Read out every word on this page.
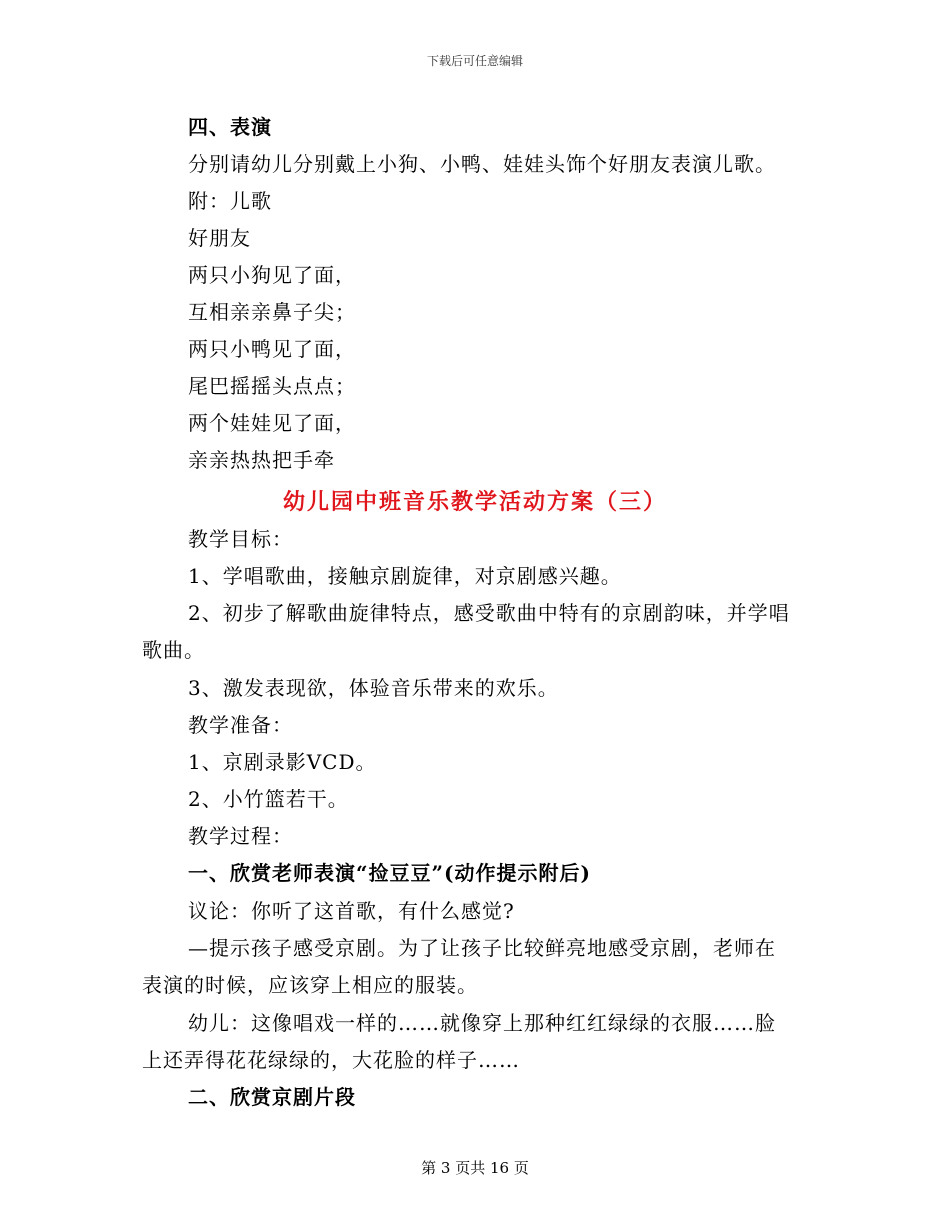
下载后可任意编辑
四、表演
分别请幼儿分别戴上小狗、小鸭、娃娃头饰个好朋友表演儿歌。
附：儿歌
好朋友
两只小狗见了面，
互相亲亲鼻子尖；
两只小鸭见了面，
尾巴摇摇头点点；
两个娃娃见了面，
亲亲热热把手牵
幼儿园中班音乐教学活动方案（三）
教学目标：
1、学唱歌曲，接触京剧旋律，对京剧感兴趣。
2、初步了解歌曲旋律特点，感受歌曲中特有的京剧韵味，并学唱
歌曲。
3、激发表现欲，体验音乐带来的欢乐。
教学准备：
1、京剧录影VCD。
2、小竹篮若干。
教学过程：
一、欣赏老师表演“捡豆豆”(动作提示附后)
议论：你听了这首歌，有什么感觉?
—提示孩子感受京剧。为了让孩子比较鲜亮地感受京剧，老师在
表演的时候，应该穿上相应的服装。
幼儿：这像唱戏一样的……就像穿上那种红红绿绿的衣服……脸
上还弄得花花绿绿的，大花脸的样子……
二、欣赏京剧片段
第 3 页共 16 页
